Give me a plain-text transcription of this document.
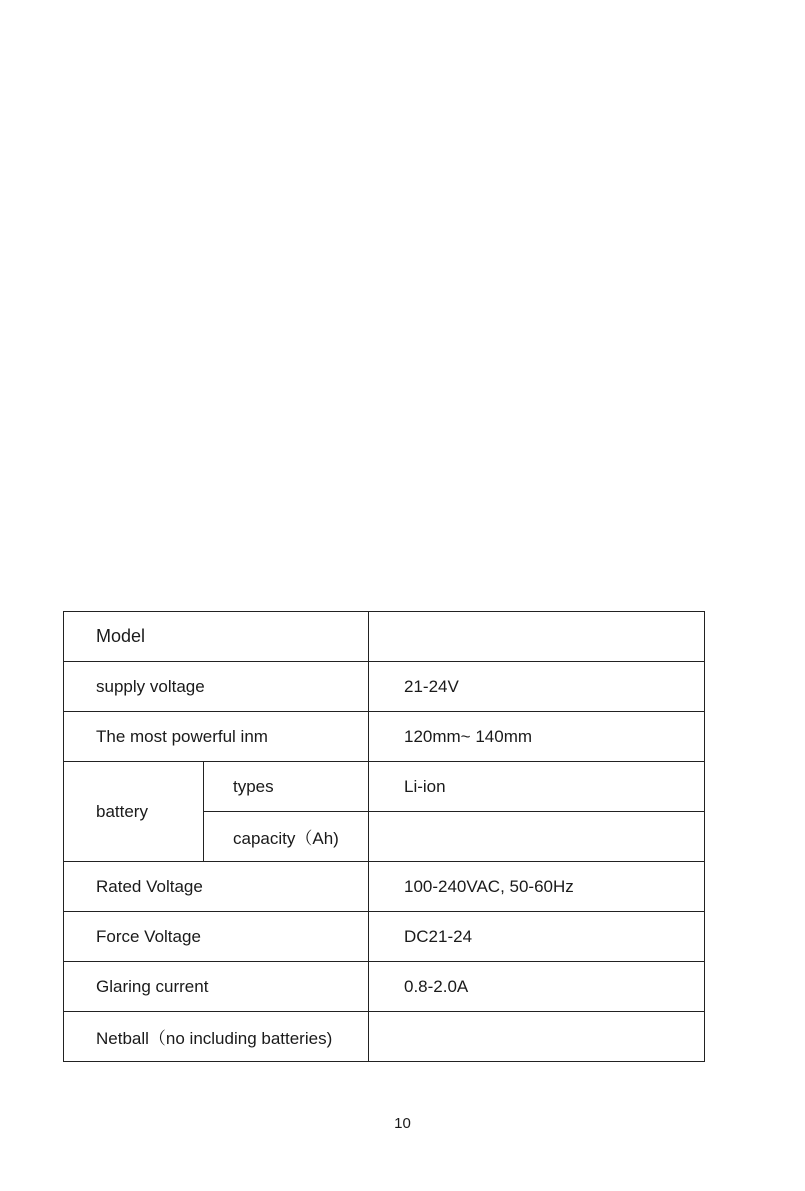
Model		
supply voltage		21-24V
The most powerful inm		120mm~ 140mm
battery	types	Li-ion
	capacity（Ah)	
Rated Voltage		100-240VAC, 50-60Hz
Force Voltage		DC21-24
Glaring current		0.8-2.0A
Netball（no including batteries)		
10
